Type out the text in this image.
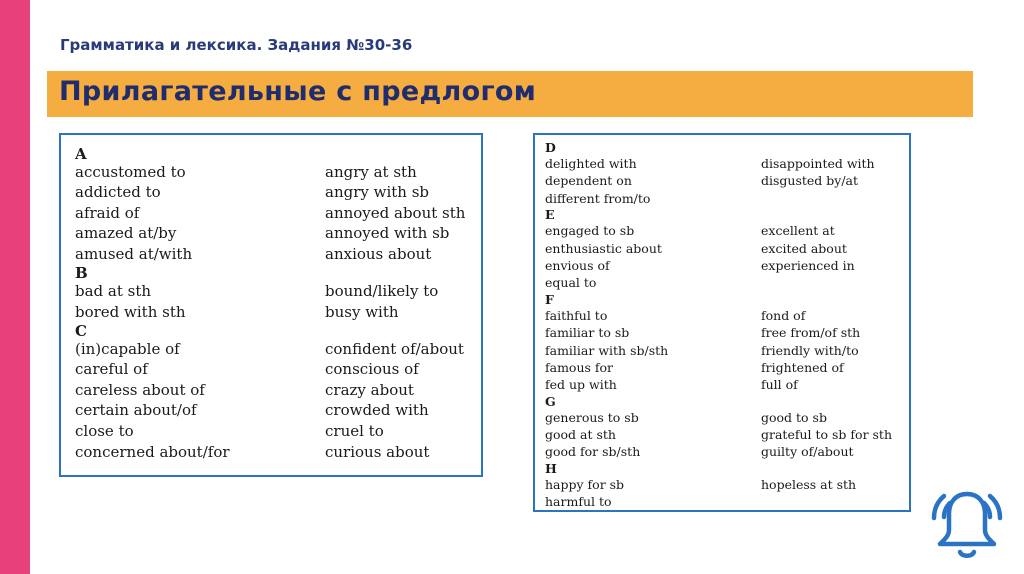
Грамматика и лексика. Задания №30-36
Прилагательные с предлогом
A
accustomed to	angry at sth
addicted to	angry with sb
afraid of	annoyed about sth
amazed at/by	annoyed with sb
amused at/with	anxious about
B
bad at sth	bound/likely to
bored with sth	busy with
C
(in)capable of	confident of/about
careful of	conscious of
careless about of	crazy about
certain about/of	crowded with
close to	cruel to
concerned about/for	curious about
D
delighted with	disappointed with
dependent on	disgusted by/at
different from/to
E
engaged to sb	excellent at
enthusiastic about	excited about
envious of	experienced in
equal to
F
faithful to	fond of
familiar to sb	free from/of sth
familiar with sb/sth	friendly with/to
famous for	frightened of
fed up with	full of
G
generous to sb	good to sb
good at sth	grateful to sb for sth
good for sb/sth	guilty of/about
H
happy for sb	hopeless at sth
harmful to
